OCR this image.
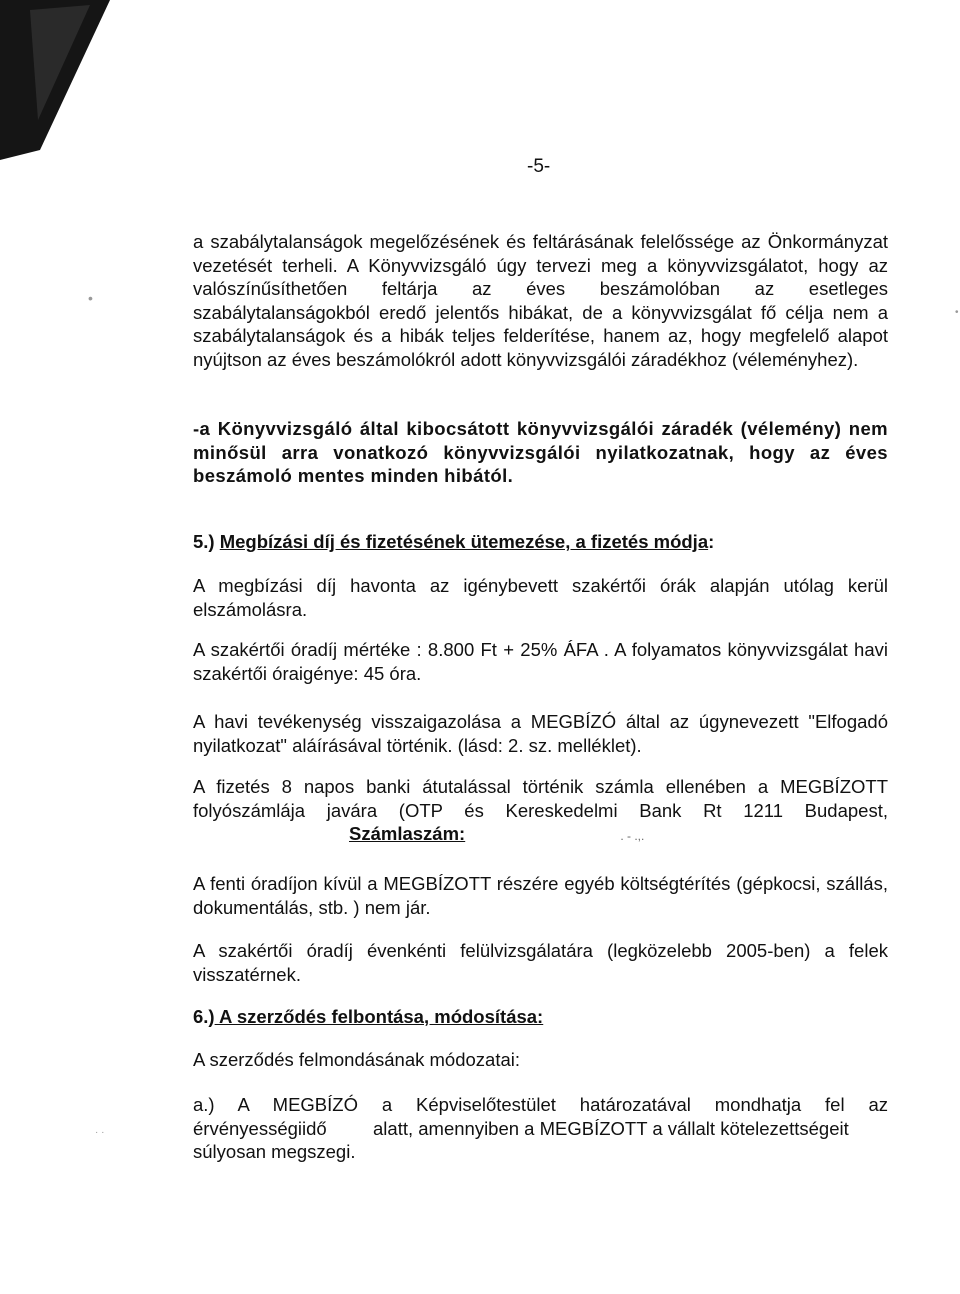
-5-
a szabálytalanságok megelőzésének és feltárásának felelőssége az Önkormányzat vezetését terheli. A Könyvvizsgáló úgy tervezi meg a könyvvizsgálatot, hogy az valószínűsíthetően feltárja az éves beszámolóban az esetleges szabálytalanságokból eredő jelentős hibákat, de a könyvvizsgálat fő célja nem a szabálytalanságok és a hibák teljes felderítése, hanem az, hogy megfelelő alapot nyújtson az éves beszámolókról adott könyvvizsgálói záradékhoz (véleményhez).
-a Könyvvizsgáló által kibocsátott könyvvizsgálói záradék (vélemény) nem minősül arra vonatkozó könyvvizsgálói nyilatkozatnak, hogy az éves beszámoló mentes minden hibától.
5.) Megbízási díj és fizetésének ütemezése, a fizetés módja:
A megbízási díj havonta az igénybevett szakértői órák alapján utólag kerül elszámolásra.
A szakértői óradíj mértéke : 8.800 Ft + 25% ÁFA . A folyamatos könyvvizsgálat havi szakértői óraigénye: 45 óra.
A havi tevékenység visszaigazolása a MEGBÍZÓ által az úgynevezett "Elfogadó nyilatkozat" aláírásával történik. (lásd: 2. sz. melléklet).
A fizetés 8 napos banki átutalással történik számla ellenében a MEGBÍZOTT
folyószámlája javára (OTP és Kereskedelmi Bank Rt 1211 Budapest,
Számlaszám:	. - .,.
A fenti óradíjon kívül a MEGBÍZOTT részére egyéb költségtérítés (gépkocsi, szállás, dokumentálás, stb. ) nem jár.
A szakértői óradíj évenkénti felülvizsgálatára (legközelebb 2005-ben) a felek visszatérnek.
6.) A szerződés felbontása, módosítása:
A szerződés felmondásának módozatai:
a.) A MEGBÍZÓ a Képviselőtestület határozatával mondhatja fel az
érvényességiidő	alatt, amennyiben a MEGBÍZOTT a vállalt kötelezettségeit
súlyosan megszegi.
•
•
· ·
